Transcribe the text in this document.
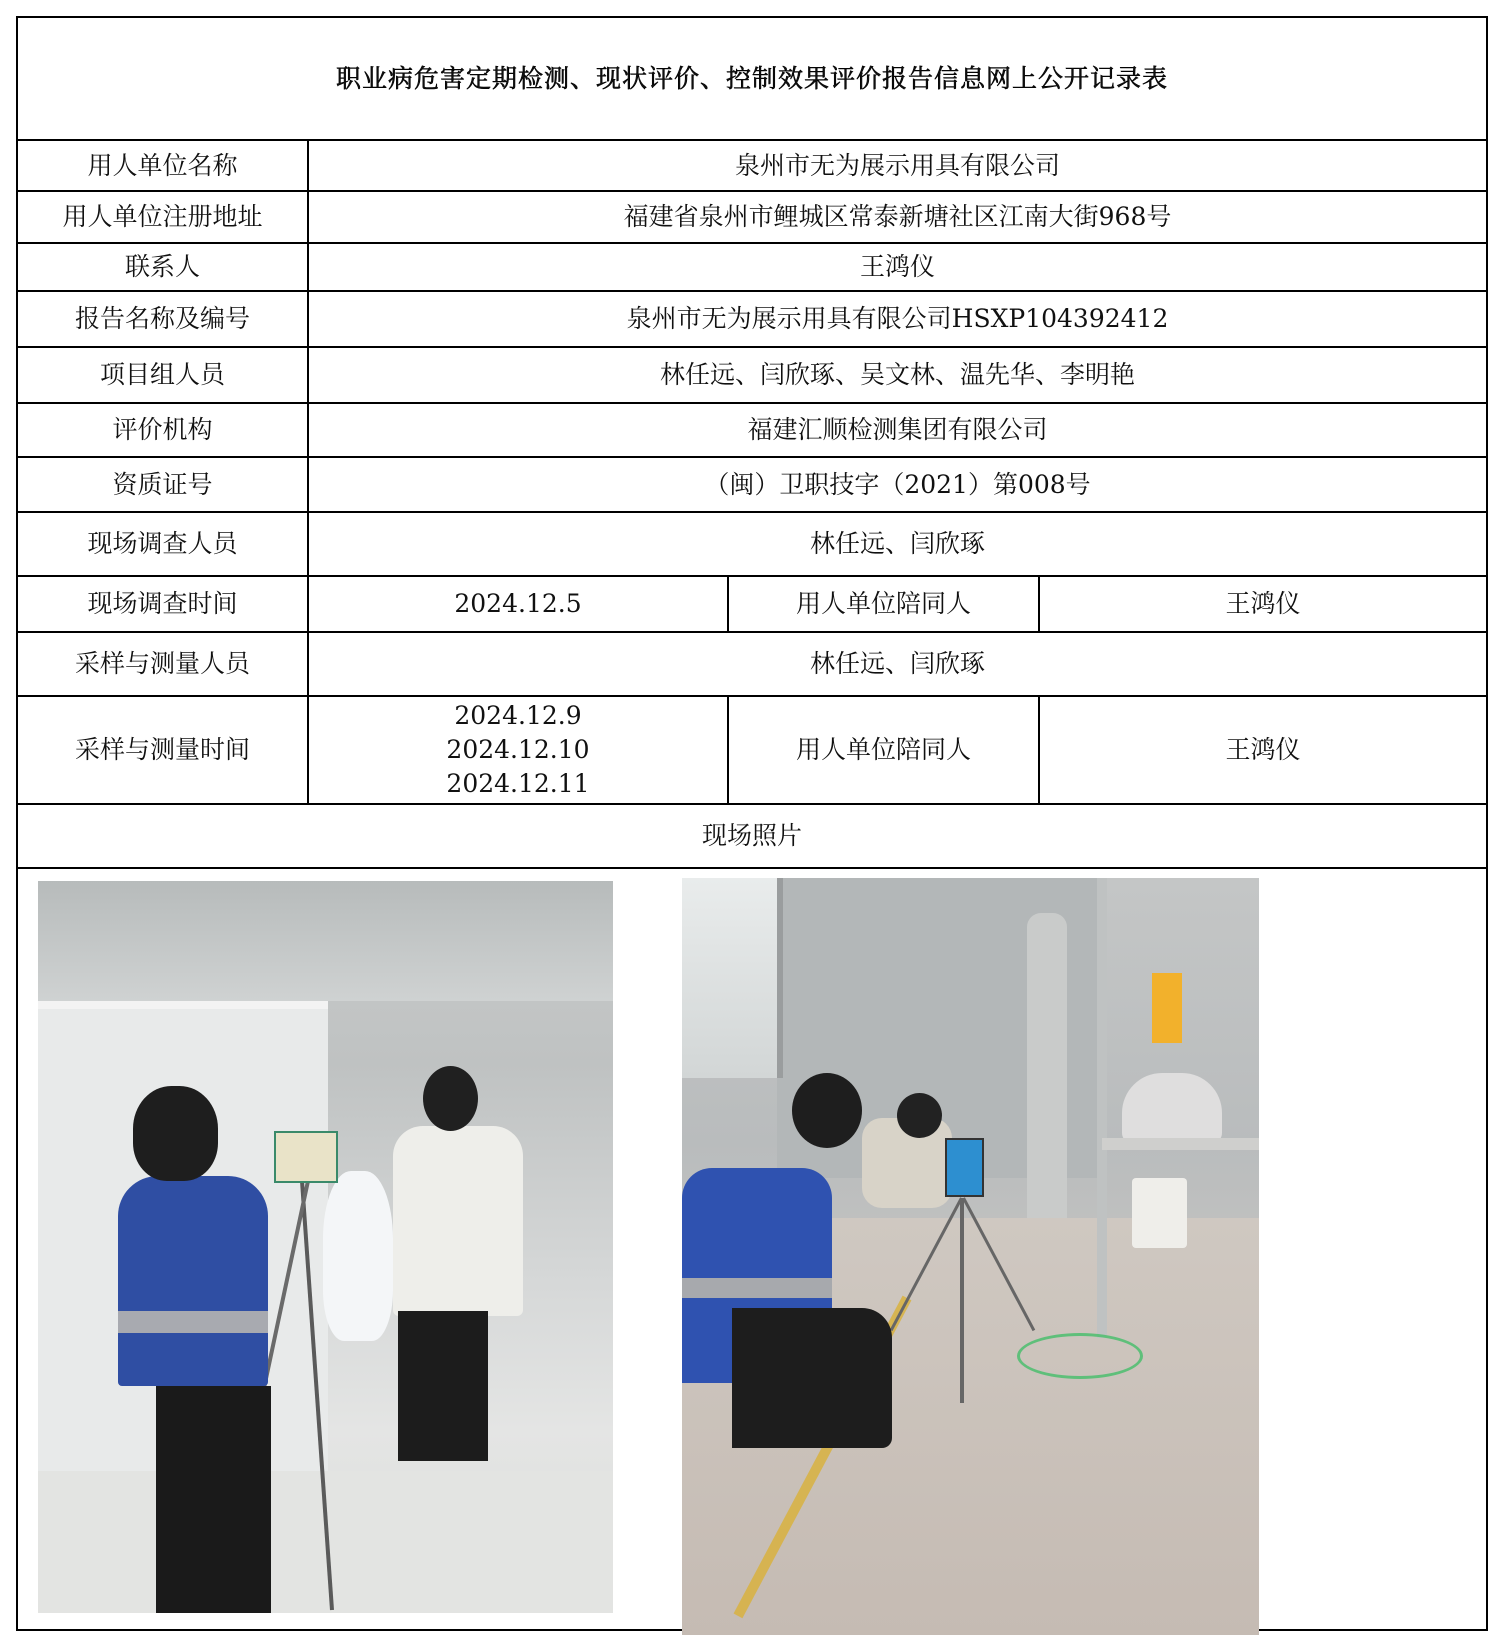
职业病危害定期检测、现状评价、控制效果评价报告信息网上公开记录表			
用人单位名称	泉州市无为展示用具有限公司		
用人单位注册地址	福建省泉州市鲤城区常泰新塘社区江南大街968号		
联系人	王鸿仪		
报告名称及编号	泉州市无为展示用具有限公司HSXP104392412		
项目组人员	林任远、闫欣琢、吴文林、温先华、李明艳		
评价机构	福建汇顺检测集团有限公司		
资质证号	（闽）卫职技字（2021）第008号		
现场调查人员	林任远、闫欣琢		
现场调查时间	2024.12.5	用人单位陪同人	王鸿仪
采样与测量人员	林任远、闫欣琢		
采样与测量时间	2024.12.9
2024.12.10
2024.12.11	用人单位陪同人	王鸿仪
现场照片			
